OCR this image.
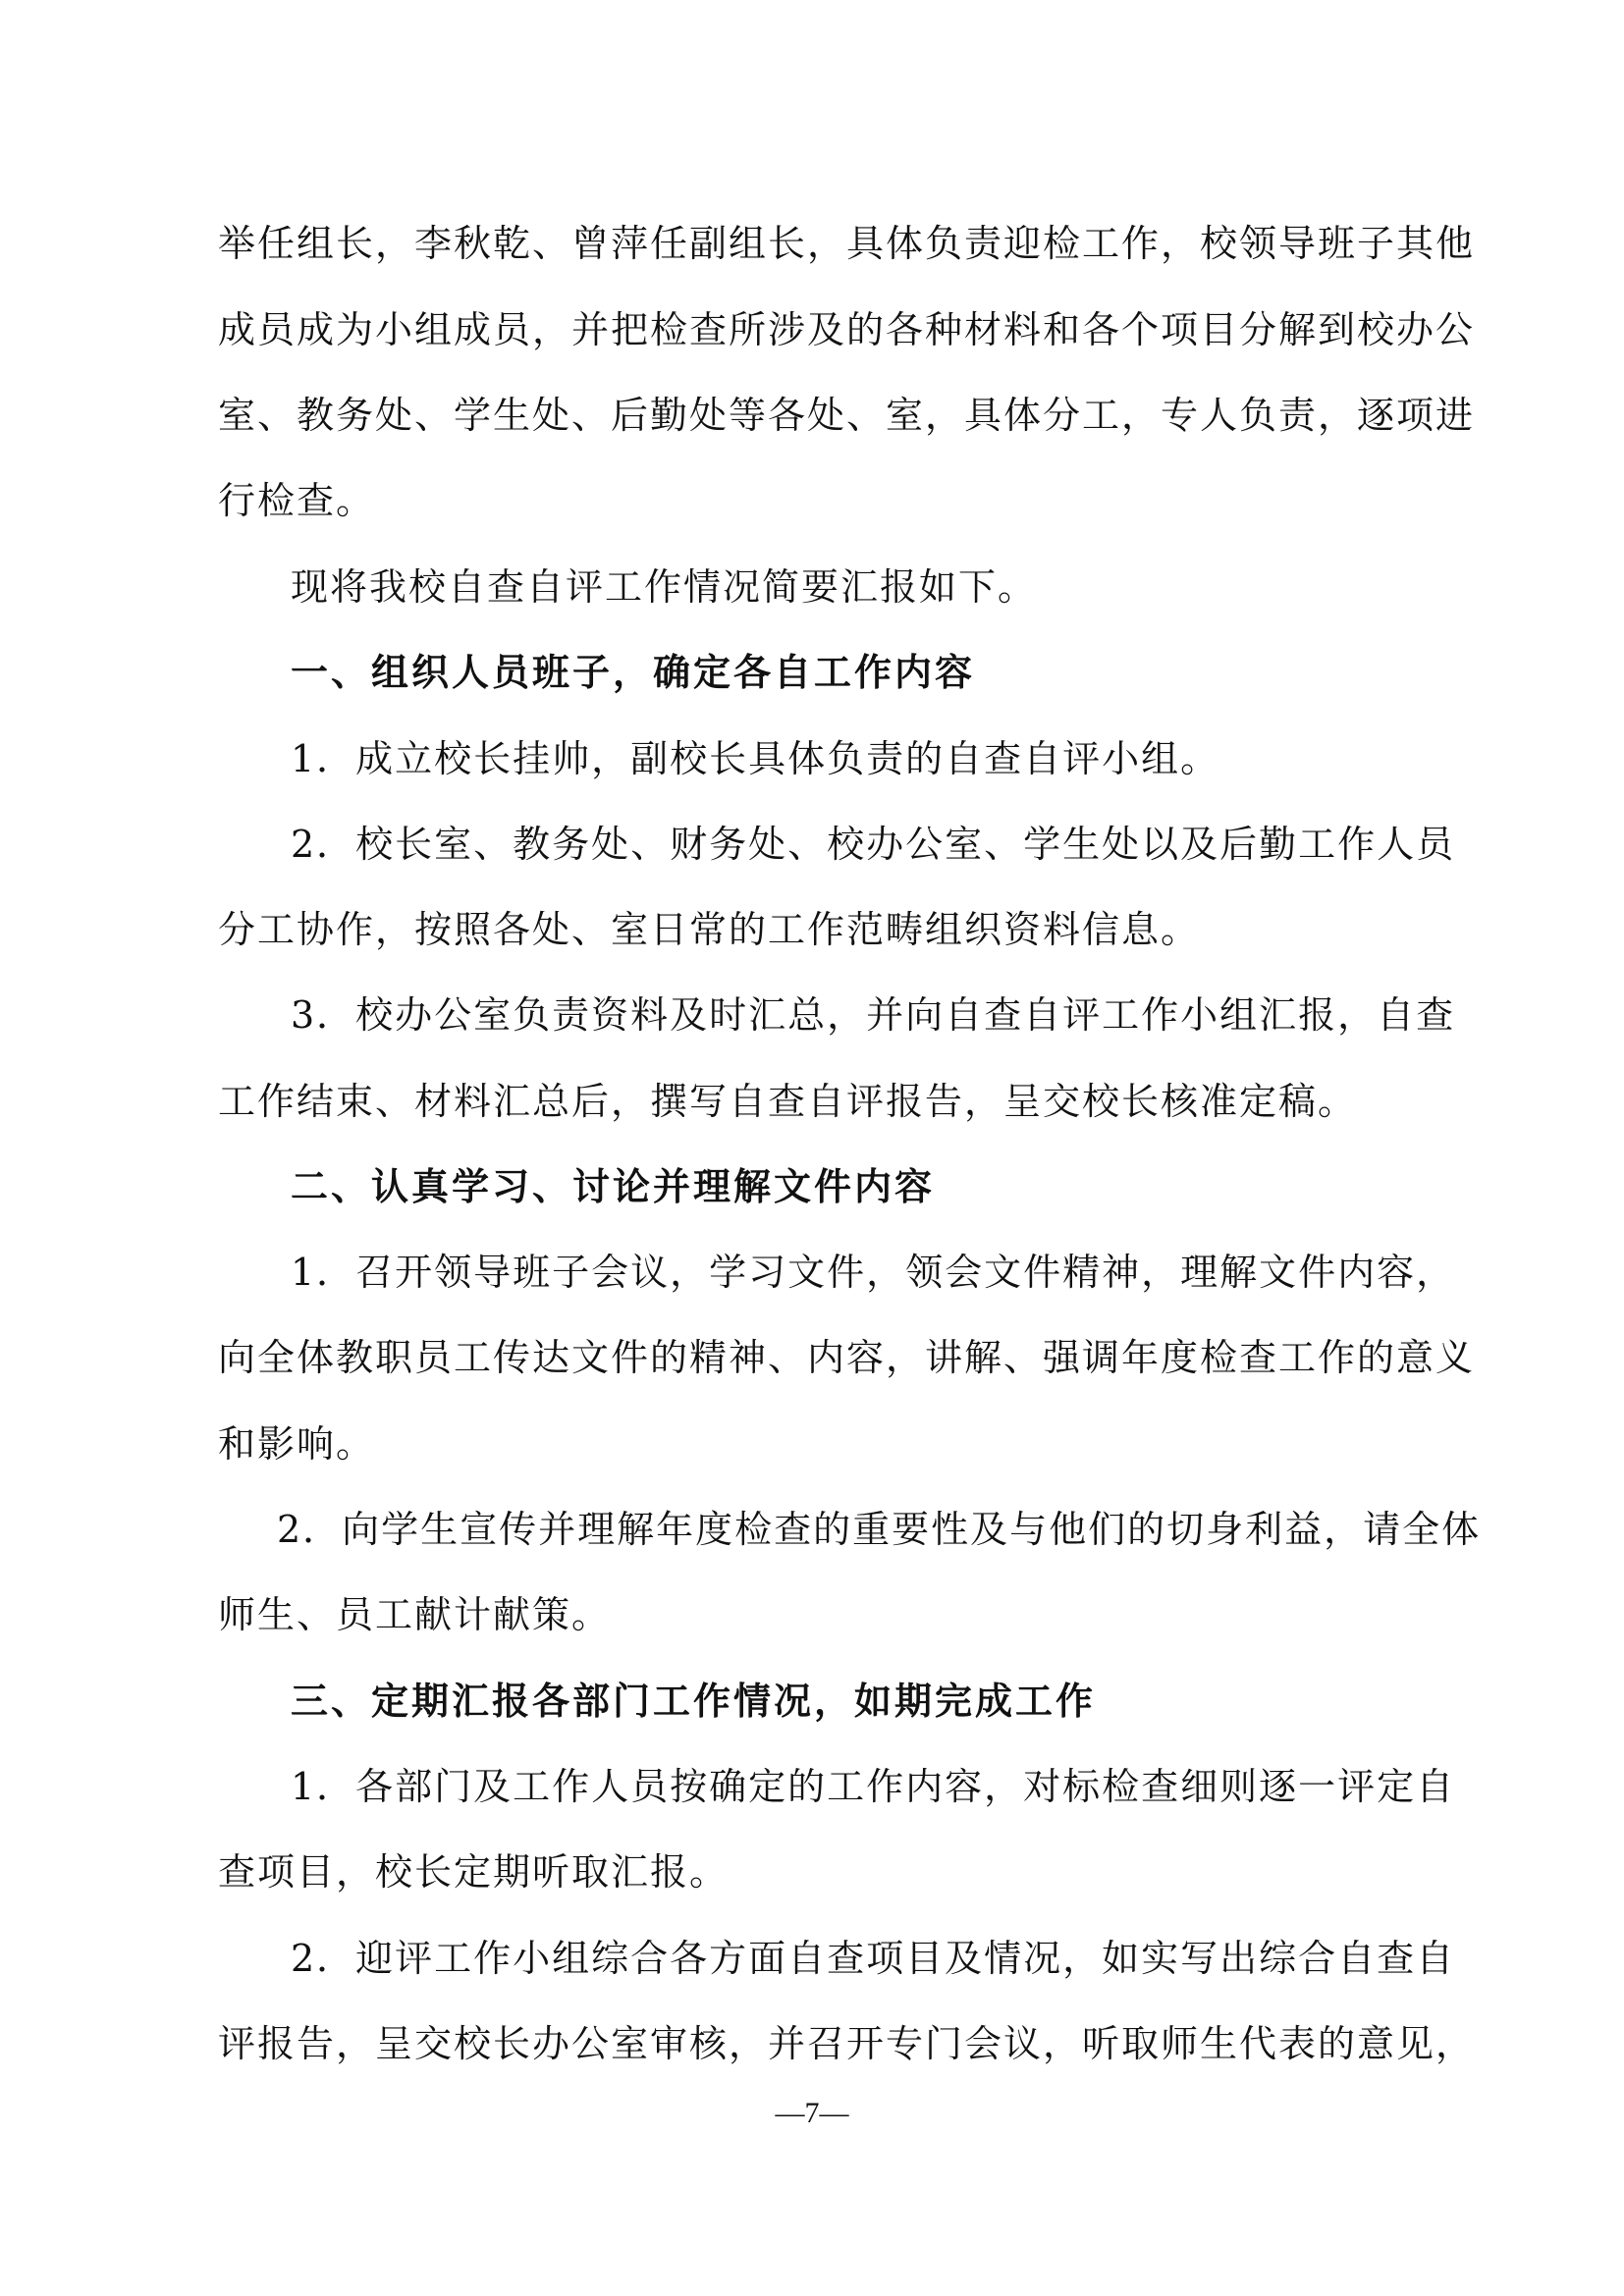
举任组长，李秋乾、曾萍任副组长，具体负责迎检工作，校领导班子其他
成员成为小组成员，并把检查所涉及的各种材料和各个项目分解到校办公
室、教务处、学生处、后勤处等各处、室，具体分工，专人负责，逐项进
行检查。
现将我校自查自评工作情况简要汇报如下。
一、组织人员班子，确定各自工作内容
1．成立校长挂帅，副校长具体负责的自查自评小组。
2．校长室、教务处、财务处、校办公室、学生处以及后勤工作人员
分工协作，按照各处、室日常的工作范畴组织资料信息。
3．校办公室负责资料及时汇总，并向自查自评工作小组汇报，自查
工作结束、材料汇总后，撰写自查自评报告，呈交校长核准定稿。
二、认真学习、讨论并理解文件内容
1．召开领导班子会议，学习文件，领会文件精神，理解文件内容，
向全体教职员工传达文件的精神、内容，讲解、强调年度检查工作的意义
和影响。
2．向学生宣传并理解年度检查的重要性及与他们的切身利益，请全体
师生、员工献计献策。
三、定期汇报各部门工作情况，如期完成工作
1．各部门及工作人员按确定的工作内容，对标检查细则逐一评定自
查项目，校长定期听取汇报。
2．迎评工作小组综合各方面自查项目及情况，如实写出综合自查自
评报告，呈交校长办公室审核，并召开专门会议，听取师生代表的意见，
—7—
